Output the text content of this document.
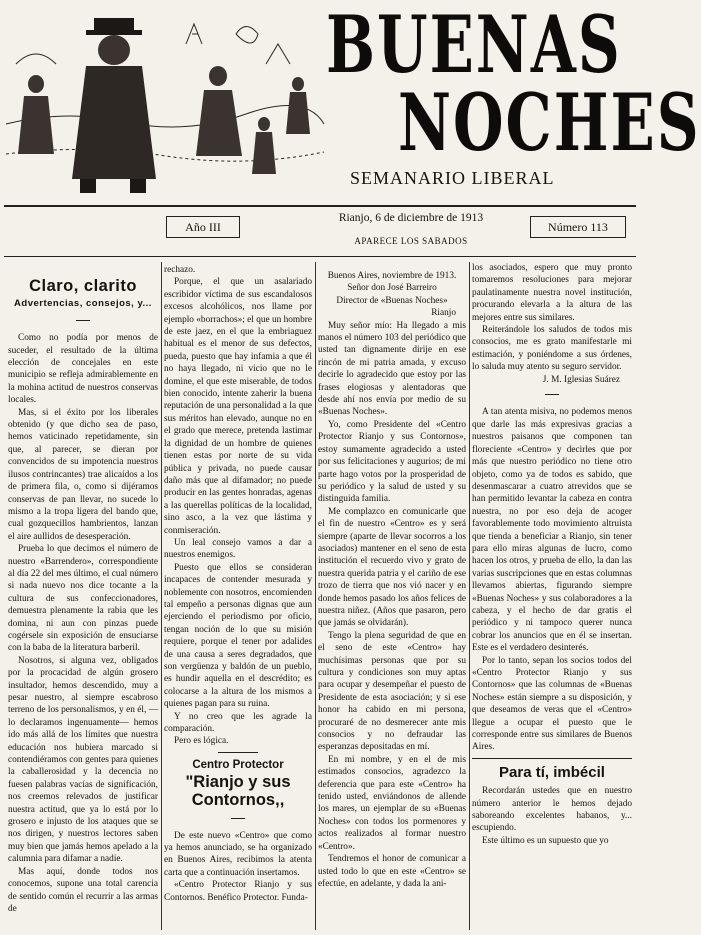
BUENAS
NOCHES
SEMANARIO LIBERAL
Año III
Rianjo, 6 de diciembre de 1913
APARECE LOS SABADOS
Número 113
Claro, clarito
Advertencias, consejos, y...

Como no podía por menos de suceder, el resultado de la última elección de concejales en este municipio se refleja admirablemente en la mohina actitud de nuestros conservas locales.

Mas, si el éxito por los liberales obtenido (y que dicho sea de paso, hemos vaticinado repetidamente, sin que, al parecer, se dieran por convencidos de su impotencia nuestros ilusos contrincantes) trae alicaídos a los de primera fila, o, como si dijéramos conservas de pan llevar, no sucede lo mismo a la tropa ligera del bando que, cual gozquecillos hambrientos, lanzan el aire aullidos de desesperación.

Prueba lo que decimos el número de nuestro «Barrendero», correspondiente al día 22 del mes último, el cual número si nada nuevo nos dice tocante a la cultura de sus confeccionadores, demuestra plenamente la rabia que les domina, ni aun con pinzas puede cogérsele sin exposición de ensuciarse con la baba de la literatura barberil.

Nosotros, si alguna vez, obligados por la procacidad de algún grosero insultador, hemos descendido, muy a pesar nuestro, al siempre escabroso terreno de los personalismos, y en él, —lo declaramos ingenuamente— hemos ido más allá de los límites que nuestra educación nos hubiera marcado si contendiéramos con gentes para quienes la caballerosidad y la decencia no fuesen palabras vacías de significación, nos creemos relevados de justificar nuestra actitud, que ya lo está por lo grosero e injusto de los ataques que se nos dirigen, y nuestros lectores saben muy bien que jamás hemos apelado a la calumnia para difamar a nadie.

Mas aquí, donde todos nos conocemos, supone una total carencia de sentido común el recurrir a las armas de

rechazo.

Porque, el que un asalariado escribidor víctima de sus escandalosos excesos alcohólicos, nos llame por ejemplo «borrachos»; el que un hombre de este jaez, en el que la embriaguez habitual es el menor de sus defectos, pueda, puesto que hay infamia a que él no haya llegado, ni vicio que no le domine, el que este miserable, de todos bien conocido, intente zaherir la buena reputación de una personalidad a la que sus méritos han elevado, aunque no en el grado que merece, pretenda lastimar la dignidad de un hombre de quienes tienen estas por norte de su vida pública y privada, no puede causar daño más que al difamador; no puede producir en las gentes honradas, agenas a las querellas políticas de la localidad, sino asco, a la vez que lástima y conmiseración.

Un leal consejo vamos a dar a nuestros enemigos.

Puesto que ellos se consideran incapaces de contender mesurada y noblemente con nosotros, encomienden tal empeño a personas dignas que aun ejerciendo el periodismo por oficio, tengan noción de lo que su misión requiere, porque el tener por adalides de una causa a seres degradados, que son vergüenza y baldón de un pueblo, es hundir aquella en el descrédito; es colocarse a la altura de los mismos a quienes pagan para su ruina.

Y no creo que les agrade la comparación.

Pero es lógica.

Centro Protector
"Rianjo y sus Contornos,,

De este nuevo «Centro» que como ya hemos anunciado, se ha organizado en Buenos Aires, recibimos la atenta carta que a continuación insertamos.

«Centro Protector Rianjo y sus Contornos. Benéfico Protector. Funda-

Buenos Aires, noviembre de 1913.

Señor don José Barreiro

Director de «Buenas Noches»

Rianjo

Muy señor mío: Ha llegado a mis manos el número 103 del periódico que usted tan dignamente dirije en ese rincón de mi patria amada, y excuso decirle lo agradecido que estoy por las frases elogiosas y alentadoras que desde ahí nos envía por medio de su «Buenas Noches».

Yo, como Presidente del «Centro Protector Rianjo y sus Contornos», estoy sumamente agradecido a usted por sus felicitaciones y augurios; de mi parte hago votos por la prosperidad de su periódico y la salud de usted y su distinguida familia.

Me complazco en comunicarle que el fin de nuestro «Centro» es y será siempre (aparte de llevar socorros a los asociados) mantener en el seno de esta institución el recuerdo vivo y grato de nuestra querida patria y el cariño de ese trozo de tierra que nos vió nacer y en donde hemos pasado los años felices de nuestra niñez. (Años que pasaron, pero que jamás se olvidarán).

Tengo la plena seguridad de que en el seno de este «Centro» hay muchísimas personas que por su cultura y condiciones son muy aptas para ocupar y desempeñar el puesto de Presidente de esta asociación; y si ese honor ha cabido en mi persona, procuraré de no desmerecer ante mis consocios y no defraudar las esperanzas depositadas en mí.

En mi nombre, y en el de mis estimados consocios, agradezco la deferencia que para este «Centro» ha tenido usted, enviándonos de allende los mares, un ejemplar de su «Buenas Noches» con todos los pormenores y actos realizados al formar nuestro «Centro».

Tendremos el honor de comunicar a usted todo lo que en este «Centro» se efectúe, en adelante, y dada la ani-

los asociados, espero que muy pronto tomaremos resoluciones para mejorar paulatinamente nuestra novel institución, procurando elevarla a la altura de las mejores entre sus similares.

Reiterándole los saludos de todos mis consocios, me es grato manifestarle mi estimación, y poniéndome a sus órdenes, lo saluda muy atento su seguro servidor.

J. M. Iglesias Suárez

A tan atenta misiva, no podemos menos que darle las más expresivas gracias a nuestros paisanos que componen tan floreciente «Centro» y decirles que por más que nuestro periódico no tiene otro objeto, como ya de todos es sabido, que desenmascarar a cuatro atrevidos que se han permitido levantar la cabeza en contra nuestra, no por eso deja de acoger favorablemente todo movimiento altruista que tienda a beneficiar a Rianjo, sin tener para ello miras algunas de lucro, como hacen los otros, y prueba de ello, la dan las varias suscripciones que en estas columnas llevamos abiertas, figurando siempre «Buenas Noches» y sus colaboradores a la cabeza, y el hecho de dar gratis el periódico y ni tampoco querer nunca cobrar los anuncios que en él se insertan. Este es el verdadero desinterés.

Por lo tanto, sepan los socios todos del «Centro Protector Rianjo y sus Contornos» que las columnas de «Buenas Noches» están siempre a su disposición, y que deseamos de veras que el «Centro» llegue a ocupar el puesto que le corresponde entre sus similares de Buenos Aires.

Para tí, imbécil

Recordarán ustedes que en nuestro número anterior le hemos dejado saboreando excelentes habanos, y... escupiendo.

Este último es un supuesto que yo
